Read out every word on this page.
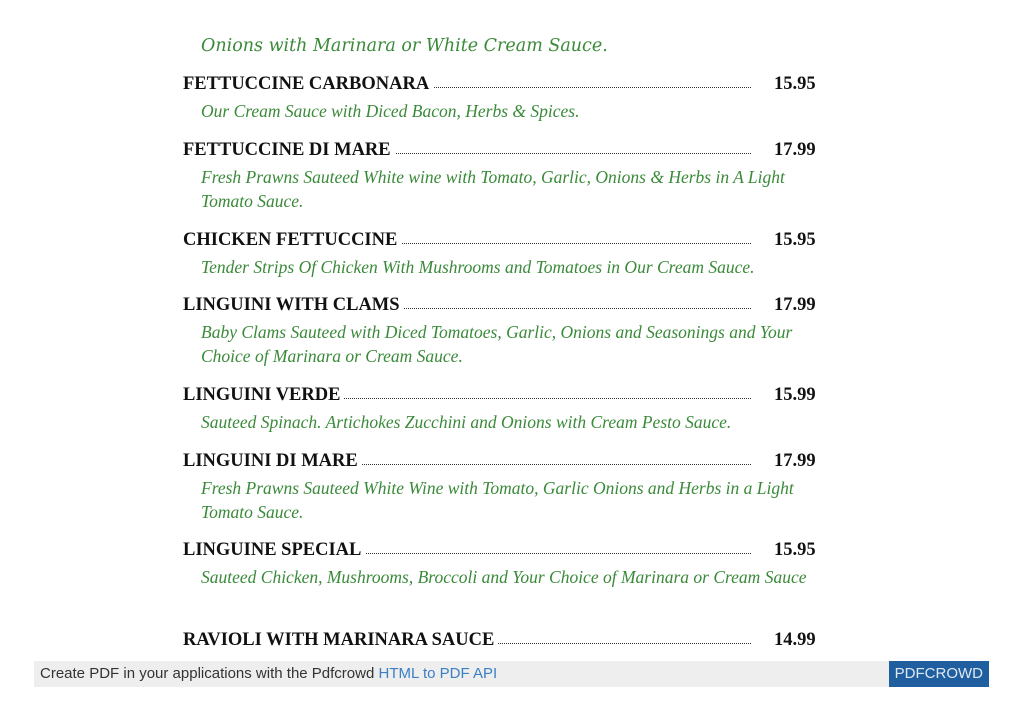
Onions with Marinara or White Cream Sauce.
FETTUCCINE CARBONARA	15.95
Our Cream Sauce with Diced Bacon, Herbs & Spices.
FETTUCCINE DI MARE	17.99
Fresh Prawns Sauteed White wine with Tomato, Garlic, Onions & Herbs in A Light Tomato Sauce.
CHICKEN FETTUCCINE	15.95
Tender Strips Of Chicken With Mushrooms and Tomatoes in Our Cream Sauce.
LINGUINI WITH CLAMS	17.99
Baby Clams Sauteed with Diced Tomatoes, Garlic, Onions and Seasonings and Your Choice of Marinara or Cream Sauce.
LINGUINI VERDE	15.99
Sauteed Spinach. Artichokes Zucchini and Onions with Cream Pesto Sauce.
LINGUINI DI MARE	17.99
Fresh Prawns Sauteed White Wine with Tomato, Garlic Onions and Herbs in a Light Tomato Sauce.
LINGUINE SPECIAL	15.95
Sauteed Chicken, Mushrooms, Broccoli and Your Choice of Marinara or Cream Sauce
RAVIOLI WITH MARINARA SAUCE	14.99
Create PDF in your applications with the Pdfcrowd HTML to PDF API	PDFCROWD
